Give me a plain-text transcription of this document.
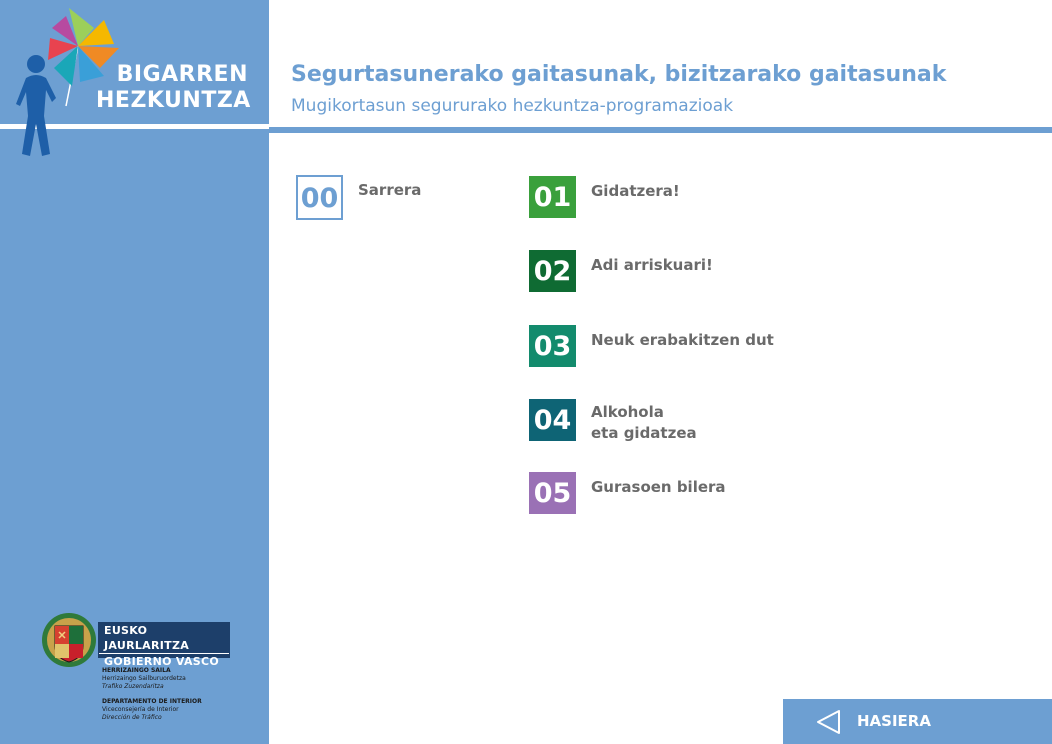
BIGARREN
HEZKUNTZA
Segurtasunerako gaitasunak, bizitzarako gaitasunak
Mugikortasun segururako hezkuntza-programazioak
00	Sarrera	01	Gidatzera!
02	Adi arriskuari!
03	Neuk erabakitzen dut
04	Alkohola
eta gidatzea
05	Gurasoen bilera
EUSKO JAURLARITZA
GOBIERNO VASCO
HERRIZAINGO SAILA
Herrizaingo Sailburuordetza
Trafiko Zuzendaritza
DEPARTAMENTO DE INTERIOR
Viceconsejería de Interior
Dirección de Tráfico	HASIERA
